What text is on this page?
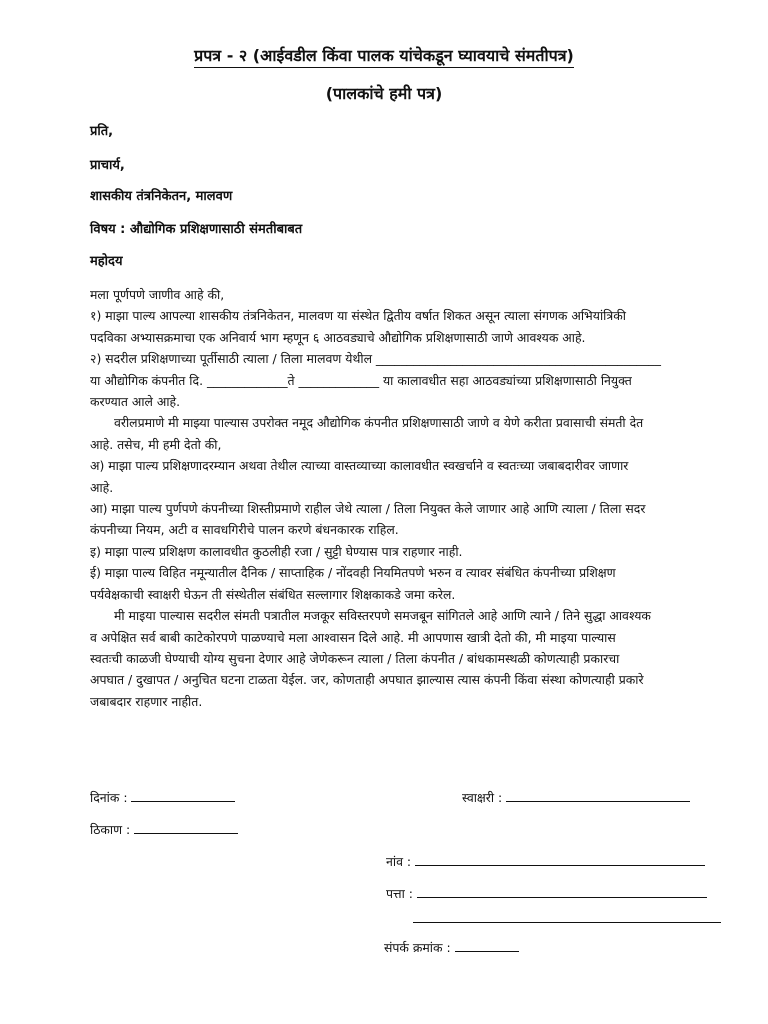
प्रपत्र - २ (आईवडील किंवा पालक यांचेकडून घ्यावयाचे संमतीपत्र)
(पालकांचे हमी पत्र)
प्रति,
प्राचार्य,
शासकीय तंत्रनिकेतन, मालवण
विषय : औद्योगिक प्रशिक्षणासाठी संमतीबाबत
महोदय

मला पूर्णपणे जाणीव आहे की,

१) माझा पाल्य आपल्या शासकीय तंत्रनिकेतन, मालवण या संस्थेत द्वितीय वर्षात शिकत असून त्याला संगणक अभियांत्रिकी

पदविका अभ्यासक्रमाचा एक अनिवार्य भाग म्हणून ६ आठवड्याचे औद्योगिक प्रशिक्षणासाठी जाणे आवश्यक आहे.

२) सदरील प्रशिक्षणाच्या पूर्तीसाठी त्याला / तिला मालवण येथील ______________________________________________

या औद्योगिक कंपनीत दि. _____________ते _____________ या कालावधीत सहा आठवड्यांच्या प्रशिक्षणासाठी नियुक्त

करण्यात आले आहे.

वरीलप्रमाणे मी माझ्या पाल्यास उपरोक्त नमूद औद्योगिक कंपनीत प्रशिक्षणासाठी जाणे व येणे करीता प्रवासाची संमती देत

आहे. तसेच, मी हमी देतो की,

अ) माझा पाल्य प्रशिक्षणादरम्यान अथवा तेथील त्याच्या वास्तव्याच्या कालावधीत स्वखर्चाने व स्वतःच्या जबाबदारीवर जाणार

आहे.

आ) माझा पाल्य पुर्णपणे कंपनीच्या शिस्तीप्रमाणे राहील जेथे त्याला / तिला नियुक्त केले जाणार आहे आणि त्याला / तिला सदर

कंपनीच्या नियम, अटी व सावधगिरीचे पालन करणे बंधनकारक राहिल.

इ) माझा पाल्य प्रशिक्षण कालावधीत कुठलीही रजा / सुट्टी घेण्यास पात्र राहणार नाही.

ई) माझा पाल्य विहित नमून्यातील दैनिक / साप्ताहिक / नोंदवही नियमितपणे भरुन व त्यावर संबंधित कंपनीच्या प्रशिक्षण

पर्यवेक्षकाची स्वाक्षरी घेऊन ती संस्थेतील संबंधित सल्लागार शिक्षकाकडे जमा करेल.

मी माइया पाल्यास सदरील संमती पत्रातील मजकूर सविस्तरपणे समजबून सांगितले आहे आणि त्याने / तिने सुद्धा आवश्यक

व अपेक्षित सर्व बाबी काटेकोरपणे पाळण्याचे मला आश्वासन दिले आहे. मी आपणास खात्री देतो की, मी माइया पाल्यास

स्वतःची काळजी घेण्याची योग्य सुचना देणार आहे जेणेकरून त्याला / तिला कंपनीत / बांधकामस्थळी कोणत्याही प्रकारचा

अपघात / दुखापत / अनुचित घटना टाळता येईल. जर, कोणताही अपघात झाल्यास त्यास कंपनी किंवा संस्था कोणत्याही प्रकारे

जबाबदार राहणार नाहीत.

दिनांक :
ठिकाण :
स्वाक्षरी :
नांव :
पत्ता :
संपर्क क्रमांक :
